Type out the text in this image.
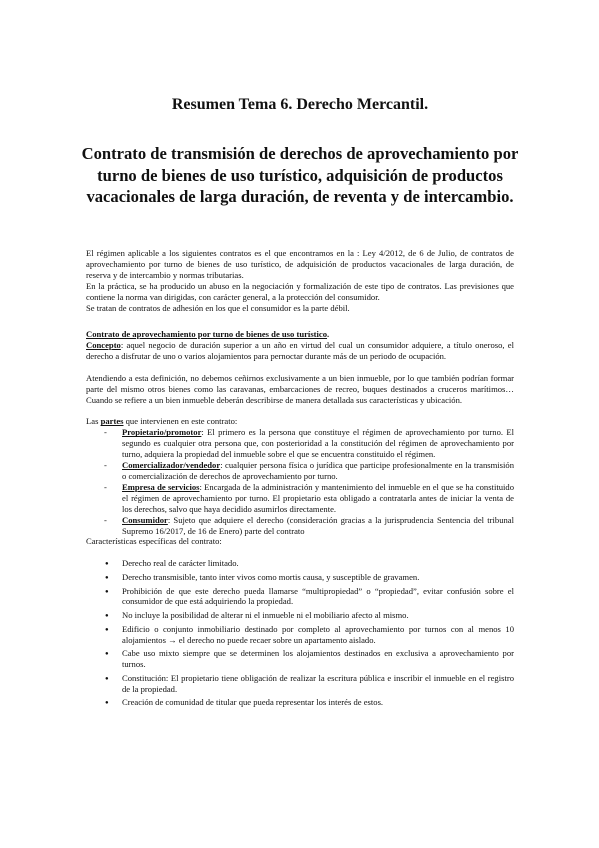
Resumen Tema 6. Derecho Mercantil.
Contrato de transmisión de derechos de aprovechamiento por turno de bienes de uso turístico, adquisición de productos vacacionales de larga duración, de reventa y de intercambio.

El régimen aplicable a los siguientes contratos es el que encontramos en la : Ley 4/2012, de 6 de Julio, de contratos de aprovechamiento por turno de bienes de uso turístico, de adquisición de productos vacacionales de larga duración, de reserva y de intercambio y normas tributarias.

En la práctica, se ha producido un abuso en la negociación y formalización de este tipo de contratos. Las previsiones que contiene la norma van dirigidas, con carácter general, a la protección del consumidor.

Se tratan de contratos de adhesión en los que el consumidor es la parte débil.

Contrato de aprovechamiento por turno de bienes de uso turístico.

Concepto: aquel negocio de duración superior a un año en virtud del cual un consumidor adquiere, a título oneroso, el derecho a disfrutar de uno o varios alojamientos para pernoctar durante más de un periodo de ocupación.

Atendiendo a esta definición, no debemos ceñirnos exclusivamente a un bien inmueble, por lo que también podrían formar parte del mismo otros bienes como las caravanas, embarcaciones de recreo, buques destinados a cruceros marítimos… Cuando se refiere a un bien inmueble deberán describirse de manera detallada sus características y ubicación.

Las partes que intervienen en este contrato:

- Propietario/promotor: El primero es la persona que constituye el régimen de aprovechamiento por turno. El segundo es cualquier otra persona que, con posterioridad a la constitución del régimen de aprovechamiento por turno, adquiera la propiedad del inmueble sobre el que se encuentra constituido el régimen.
- Comercializador/vendedor: cualquier persona física o jurídica que participe profesionalmente en la transmisión o comercialización de derechos de aprovechamiento por turno.
- Empresa de servicios: Encargada de la administración y mantenimiento del inmueble en el que se ha constituido el régimen de aprovechamiento por turno. El propietario esta obligado a contratarla antes de iniciar la venta de los derechos, salvo que haya decidido asumirlos directamente.
- Consumidor: Sujeto que adquiere el derecho (consideración gracias a la jurisprudencia Sentencia del tribunal Supremo 16/2017, de 16 de Enero) parte del contrato

Características específicas del contrato:

● Derecho real de carácter limitado.
● Derecho transmisible, tanto inter vivos como mortis causa, y susceptible de gravamen.
● Prohibición de que este derecho pueda llamarse “multipropiedad” o “propiedad”, evitar confusión sobre el consumidor de que está adquiriendo la propiedad.
● No incluye la posibilidad de alterar ni el inmueble ni el mobiliario afecto al mismo.
● Edificio o conjunto inmobiliario destinado por completo al aprovechamiento por turnos con al menos 10 alojamientos → el derecho no puede recaer sobre un apartamento aislado.
● Cabe uso mixto siempre que se determinen los alojamientos destinados en exclusiva a aprovechamiento por turnos.
● Constitución: El propietario tiene obligación de realizar la escritura pública e inscribir el inmueble en el registro de la propiedad.
● Creación de comunidad de titular que pueda representar los interés de estos.
